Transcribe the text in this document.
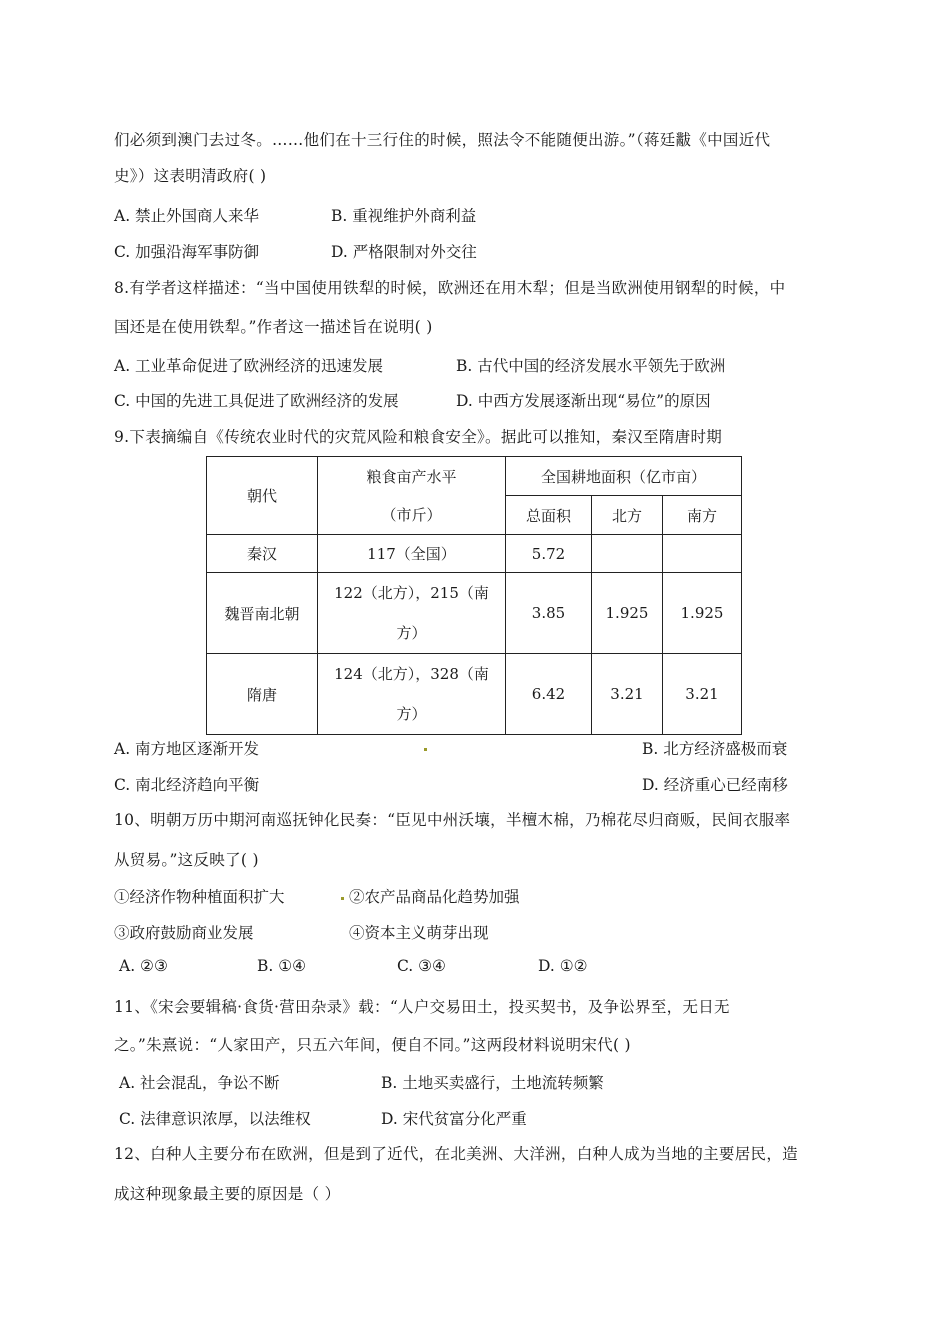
们必须到澳门去过冬。……他们在十三行住的时候，照法令不能随便出游。”（蒋廷黻《中国近代
史》）这表明清政府( )
A. 禁止外国商人来华	B. 重视维护外商利益
C. 加强沿海军事防御	D. 严格限制对外交往
8.有学者这样描述：“当中国使用铁犁的时候，欧洲还在用木犁；但是当欧洲使用钢犁的时候，中
国还是在使用铁犁。”作者这一描述旨在说明( )
A. 工业革命促进了欧洲经济的迅速发展	B. 古代中国的经济发展水平领先于欧洲
C. 中国的先进工具促进了欧洲经济的发展	D. 中西方发展逐渐出现“易位”的原因
9.下表摘编自《传统农业时代的灾荒风险和粮食安全》。据此可以推知，秦汉至隋唐时期
朝代	粮食亩产水平
（市斤）	全国耕地面积（亿市亩）		
		总面积	北方	南方
秦汉	117（全国）	5.72		
魏晋南北朝	122（北方），215（南
方）	3.85	1.925	1.925
隋唐	124（北方），328（南
方）	6.42	3.21	3.21
A. 南方地区逐渐开发	B. 北方经济盛极而衰
C. 南北经济趋向平衡	D. 经济重心已经南移
10、明朝万历中期河南巡抚钟化民奏：“臣见中州沃壤，半檀木棉，乃棉花尽归商贩，民间衣服率
从贸易。”这反映了( )
①经济作物种植面积扩大	②农产品商品化趋势加强
③政府鼓励商业发展	④资本主义萌芽出现
A. ②③	B. ①④	C. ③④	D. ①②
11、《宋会要辑稿·食货·营田杂录》载：“人户交易田土，投买契书，及争讼界至，无日无
之。”朱熹说：“人家田产，只五六年间，便自不同。”这两段材料说明宋代( )
A. 社会混乱，争讼不断	B. 土地买卖盛行，土地流转频繁
C. 法律意识浓厚，以法维权	D. 宋代贫富分化严重
12、白种人主要分布在欧洲，但是到了近代，在北美洲、大洋洲，白种人成为当地的主要居民，造
成这种现象最主要的原因是（ ）
